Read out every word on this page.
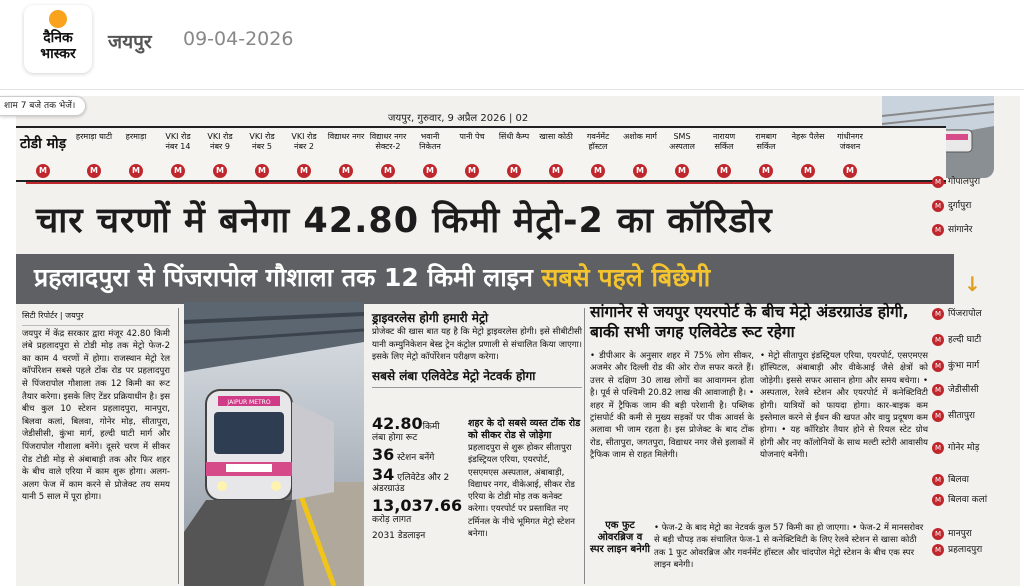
दैनिक
भास्कर
जयपुर 09-04-2026
जयपुर, गुरुवार, 9 अप्रैल 2026 | 02
टोडी मोड़ हरमाड़ा घाटी	हरमाड़ा	VKI रोड नंबर 14
VKI रोड नंबर 9
VKI रोड नंबर 5
VKI रोड नंबर 2
विद्याधर नगर विद्याधर नगर सेक्टर-2
भवानी निकेतन
पानी पेच	सिंधी कैम्प	खासा कोठी	गवर्नमेंट हॉस्टल
अशोक मार्ग	SMS अस्पताल
नारायण सर्किल
रामबाग सर्किल
नेहरू पैलेस	गांधीनगर जंक्शन
M	M	M	M	M	M	M	M	M	M	M	M	M	M	M	M	M	M	M	M
M गोपालपुरा
M दुर्गापुरा
M सांगानेर
M पिंजरापोल
M हल्दी घाटी
M कुंभा मार्ग
M जेडीसीसी
M सीतापुरा
M गोनेर मोड़
M बिलवा
M बिलवा कलां
M मानपुरा
M प्रहलादपुरा
चार चरणों में बनेगा 42.80 किमी मेट्रो-2 का कॉरिडोर
प्रहलादपुरा से पिंजरापोल गौशाला तक 12 किमी लाइन सबसे पहले बिछेगी	↓
सिटी रिपोर्टर | जयपुर
जयपुर में केंद्र सरकार द्वारा मंजूर 42.80 किमी लंबे प्रहलादपुरा से टोडी मोड़ तक मेट्रो फेज-2 का काम 4 चरणों में होगा। राजस्थान मेट्रो रेल कॉर्पोरेशन सबसे पहले टोंक रोड पर प्रहलादपुरा से पिंजरापोल गौशाला तक 12 किमी का रूट तैयार करेगा। इसके लिए टेंडर प्रक्रियाधीन है। इस बीच कुल 10 स्टेशन प्रहलादपुरा, मानपुरा, बिलवा कलां, बिलवा, गोनेर मोड़, सीतापुरा, जेडीसीसी, कुंभा मार्ग, हल्दी घाटी मार्ग और पिंजरापोल गौशाला बनेंगे। दूसरे चरण में सीकर रोड टोडी मोड़ से अंबाबाड़ी तक और फिर शहर के बीच वाले एरिया में काम शुरू होगा। अलग-अलग फेज में काम करने से प्रोजेक्ट तय समय यानी 5 साल में पूरा होगा।
JAIPUR METRO
ड्राइवरलेस होगी हमारी मेट्रो
प्रोजेक्ट की खास बात यह है कि मेट्रो ड्राइवरलेस होगी। इसे सीबीटीसी यानी कम्युनिकेशन बेस्ड ट्रेन कंट्रोल प्रणाली से संचालित किया जाएगा। इसके लिए मेट्रो कॉर्पोरेशन परीक्षण करेगा।
सबसे लंबा एलिवेटेड मेट्रो नेटवर्क होगा
42.80किमी
लंबा होगा रूट
36 स्टेशन बनेंगे
34 एलिवेटेड और 2 अंडरग्राउंड
13,037.66
करोड़ लागत
2031 डेडलाइन
शहर के दो सबसे व्यस्त टोंक रोड को सीकर रोड से जोड़ेगा
प्रहलादपुरा से शुरू होकर सीतापुरा इंडस्ट्रियल एरिया, एयरपोर्ट, एसएमएस अस्पताल, अंबाबाड़ी, विद्याधर नगर, वीकेआई, सीकर रोड एरिया के टोडी मोड़ तक कनेक्ट करेगा। एयरपोर्ट पर प्रस्तावित नए टर्मिनल के नीचे भूमिगत मेट्रो स्टेशन बनेगा।
सांगानेर से जयपुर एयरपोर्ट के बीच मेट्रो अंडरग्राउंड होगी, बाकी सभी जगह एलिवेटेड रूट रहेगा
• डीपीआर के अनुसार शहर में 75% लोग सीकर, अजमेर और दिल्ली रोड की ओर रोज सफर करते हैं। उत्तर से दक्षिण 30 लाख लोगों का आवागमन होता है। पूर्व से पश्चिमी 20.82 लाख की आवाजाही है। • शहर में ट्रैफिक जाम की बड़ी परेशानी है। पब्लिक ट्रांसपोर्ट की कमी से मुख्य सड़कों पर पीक आवर्स के अलावा भी जाम रहता है। इस प्रोजेक्ट के बाद टोंक रोड, सीतापुरा, जगतपुरा, विद्याधर नगर जैसे इलाकों में ट्रैफिक जाम से राहत मिलेगी।
• मेट्रो सीतापुरा इंडस्ट्रियल एरिया, एयरपोर्ट, एसएमएस हॉस्पिटल, अंबाबाड़ी और वीकेआई जैसे क्षेत्रों को जोड़ेगी। इससे सफर आसान होगा और समय बचेगा। • अस्पताल, रेलवे स्टेशन और एयरपोर्ट में कनेक्टिविटी होगी। यात्रियों को फायदा होगा। कार-बाइक कम इस्तेमाल करने से ईंधन की खपत और वायु प्रदूषण कम होगा। • यह कॉरिडोर तैयार होने से रियल स्टेट ग्रोथ होगी और नए कॉलोनियों के साथ मल्टी स्टोरी आवासीय योजनाएं बनेंगी।
एक फुट ओवरब्रिज व स्पर लाइन बनेगी
• फेज-2 के बाद मेट्रो का नेटवर्क कुल 57 किमी का हो जाएगा। • फेज-2 में मानसरोवर से बड़ी चौपड़ तक संचालित फेज-1 से कनेक्टिविटी के लिए रेलवे स्टेशन से खासा कोठी तक 1 फुट ओवरब्रिज और गवर्नमेंट हॉस्टल और चांदपोल मेट्रो स्टेशन के बीच एक स्पर लाइन बनेगी।
शाम 7 बजे तक भेजें।
